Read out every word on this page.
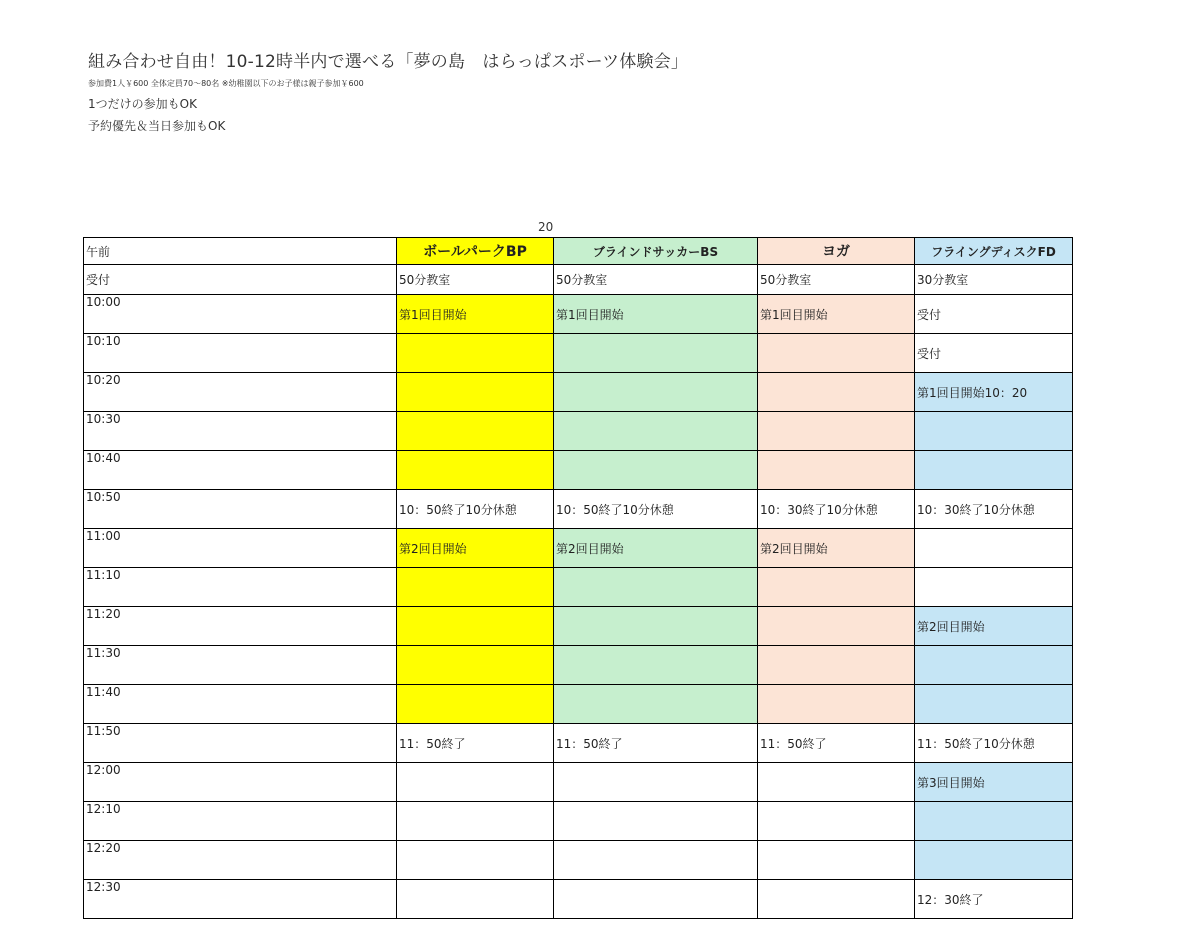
組み合わせ自由！10-12時半内で選べる「夢の島　はらっぱスポーツ体験会」
参加費1人￥600 全体定員70～80名 ※幼稚園以下のお子様は親子参加￥600
1つだけの参加もOK
予約優先＆当日参加もOK
20
午前	ボールパークBP	ブラインドサッカーBS	ヨガ	フライングディスクFD
受付	50分教室	50分教室	50分教室	30分教室
10:00	第1回目開始	第1回目開始	第1回目開始	受付
10:10				受付
10:20				第1回目開始10：20
10:30				
10:40				
10:50	10：50終了10分休憩	10：50終了10分休憩	10：30終了10分休憩	10：30終了10分休憩
11:00	第2回目開始	第2回目開始	第2回目開始	
11:10				
11:20				第2回目開始
11:30				
11:40				
11:50	11：50終了	11：50終了	11：50終了	11：50終了10分休憩
12:00				第3回目開始
12:10				
12:20				
12:30				12：30終了
